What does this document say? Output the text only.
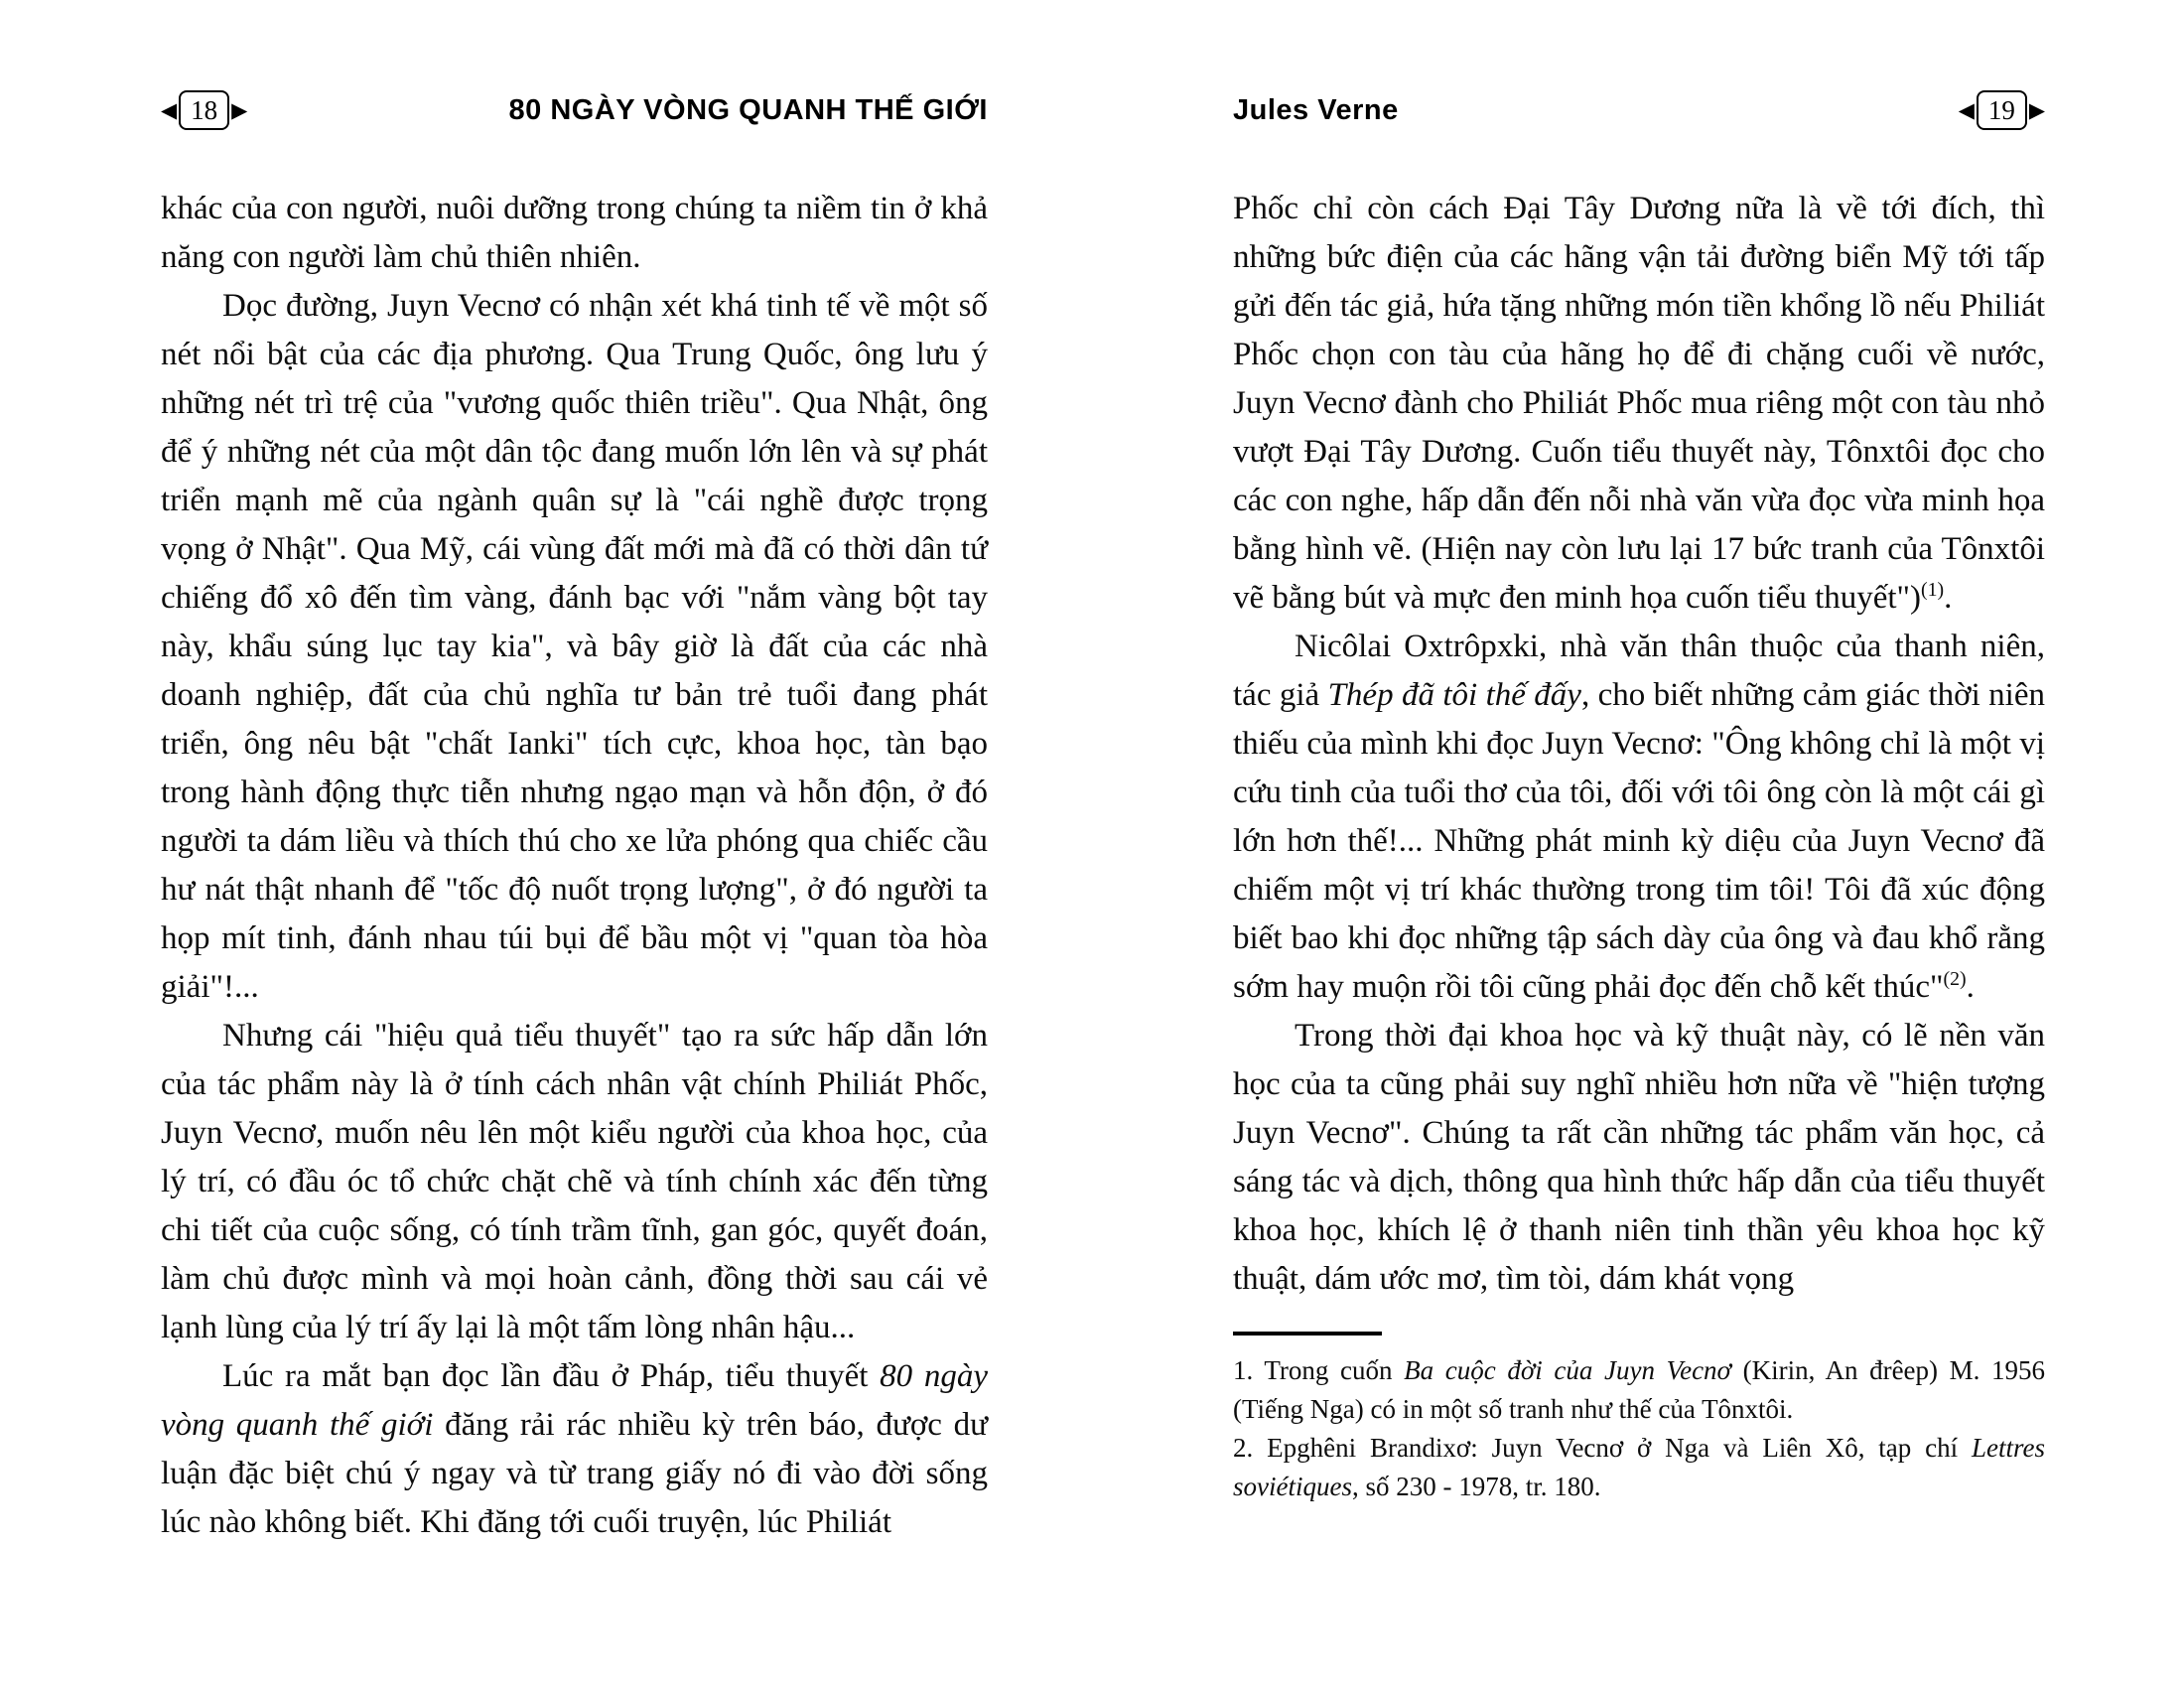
◀ 18 ▶	80 NGÀY VÒNG QUANH THẾ GIỚI

khác của con người, nuôi dưỡng trong chúng ta niềm tin ở khả năng con người làm chủ thiên nhiên.

Dọc đường, Juyn Vecnơ có nhận xét khá tinh tế về một số nét nổi bật của các địa phương. Qua Trung Quốc, ông lưu ý những nét trì trệ của "vương quốc thiên triều". Qua Nhật, ông để ý những nét của một dân tộc đang muốn lớn lên và sự phát triển mạnh mẽ của ngành quân sự là "cái nghề được trọng vọng ở Nhật". Qua Mỹ, cái vùng đất mới mà đã có thời dân tứ chiếng đổ xô đến tìm vàng, đánh bạc với "nắm vàng bột tay này, khẩu súng lục tay kia", và bây giờ là đất của các nhà doanh nghiệp, đất của chủ nghĩa tư bản trẻ tuổi đang phát triển, ông nêu bật "chất Ianki" tích cực, khoa học, tàn bạo trong hành động thực tiễn nhưng ngạo mạn và hỗn độn, ở đó người ta dám liều và thích thú cho xe lửa phóng qua chiếc cầu hư nát thật nhanh để "tốc độ nuốt trọng lượng", ở đó người ta họp mít tinh, đánh nhau túi bụi để bầu một vị "quan tòa hòa giải"!...

Nhưng cái "hiệu quả tiểu thuyết" tạo ra sức hấp dẫn lớn của tác phẩm này là ở tính cách nhân vật chính Philiát Phốc, Juyn Vecnơ, muốn nêu lên một kiểu người của khoa học, của lý trí, có đầu óc tổ chức chặt chẽ và tính chính xác đến từng chi tiết của cuộc sống, có tính trầm tĩnh, gan góc, quyết đoán, làm chủ được mình và mọi hoàn cảnh, đồng thời sau cái vẻ lạnh lùng của lý trí ấy lại là một tấm lòng nhân hậu...

Lúc ra mắt bạn đọc lần đầu ở Pháp, tiểu thuyết 80 ngày vòng quanh thế giới đăng rải rác nhiều kỳ trên báo, được dư luận đặc biệt chú ý ngay và từ trang giấy nó đi vào đời sống lúc nào không biết. Khi đăng tới cuối truyện, lúc Philiát

Jules Verne	◀ 19 ▶

Phốc chỉ còn cách Đại Tây Dương nữa là về tới đích, thì những bức điện của các hãng vận tải đường biển Mỹ tới tấp gửi đến tác giả, hứa tặng những món tiền khổng lồ nếu Philiát Phốc chọn con tàu của hãng họ để đi chặng cuối về nước, Juyn Vecnơ đành cho Philiát Phốc mua riêng một con tàu nhỏ vượt Đại Tây Dương. Cuốn tiểu thuyết này, Tônxtôi đọc cho các con nghe, hấp dẫn đến nỗi nhà văn vừa đọc vừa minh họa bằng hình vẽ. (Hiện nay còn lưu lại 17 bức tranh của Tônxtôi vẽ bằng bút và mực đen minh họa cuốn tiểu thuyết")$^{(1)}$.

Nicôlai Oxtrôpxki, nhà văn thân thuộc của thanh niên, tác giả Thép đã tôi thế đấy, cho biết những cảm giác thời niên thiếu của mình khi đọc Juyn Vecnơ: "Ông không chỉ là một vị cứu tinh của tuổi thơ của tôi, đối với tôi ông còn là một cái gì lớn hơn thế!... Những phát minh kỳ diệu của Juyn Vecnơ đã chiếm một vị trí khác thường trong tim tôi! Tôi đã xúc động biết bao khi đọc những tập sách dày của ông và đau khổ rằng sớm hay muộn rồi tôi cũng phải đọc đến chỗ kết thúc"$^{(2)}$.

Trong thời đại khoa học và kỹ thuật này, có lẽ nền văn học của ta cũng phải suy nghĩ nhiều hơn nữa về "hiện tượng Juyn Vecnơ". Chúng ta rất cần những tác phẩm văn học, cả sáng tác và dịch, thông qua hình thức hấp dẫn của tiểu thuyết khoa học, khích lệ ở thanh niên tinh thần yêu khoa học kỹ thuật, dám ước mơ, tìm tòi, dám khát vọng

1. Trong cuốn Ba cuộc đời của Juyn Vecnơ (Kirin, An đrêep) M. 1956 (Tiếng Nga) có in một số tranh như thế của Tônxtôi.

2. Epghêni Brandixơ: Juyn Vecnơ ở Nga và Liên Xô, tạp chí Lettres soviétiques, số 230 - 1978, tr. 180.
